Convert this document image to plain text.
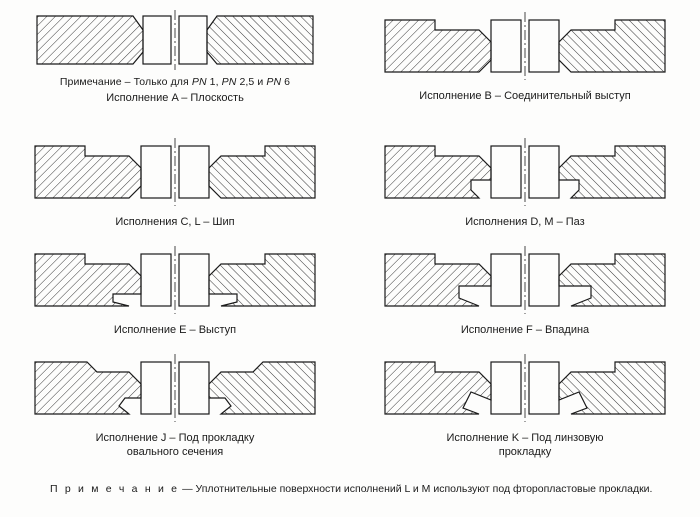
Примечание – Только для PN 1, PN 2,5 и PN 6
Исполнение A – Плоскость	Исполнение B – Соединительный выступ
Исполнения C, L – Шип	Исполнения D, M – Паз
Исполнение E – Выступ	Исполнение F – Впадина
Исполнение J – Под прокладку
овального сечения
Исполнение K – Под линзовую
прокладку
П р и м е ч а н и е — Уплотнительные поверхности исполнений L и M используют под фторопластовые прокладки.
